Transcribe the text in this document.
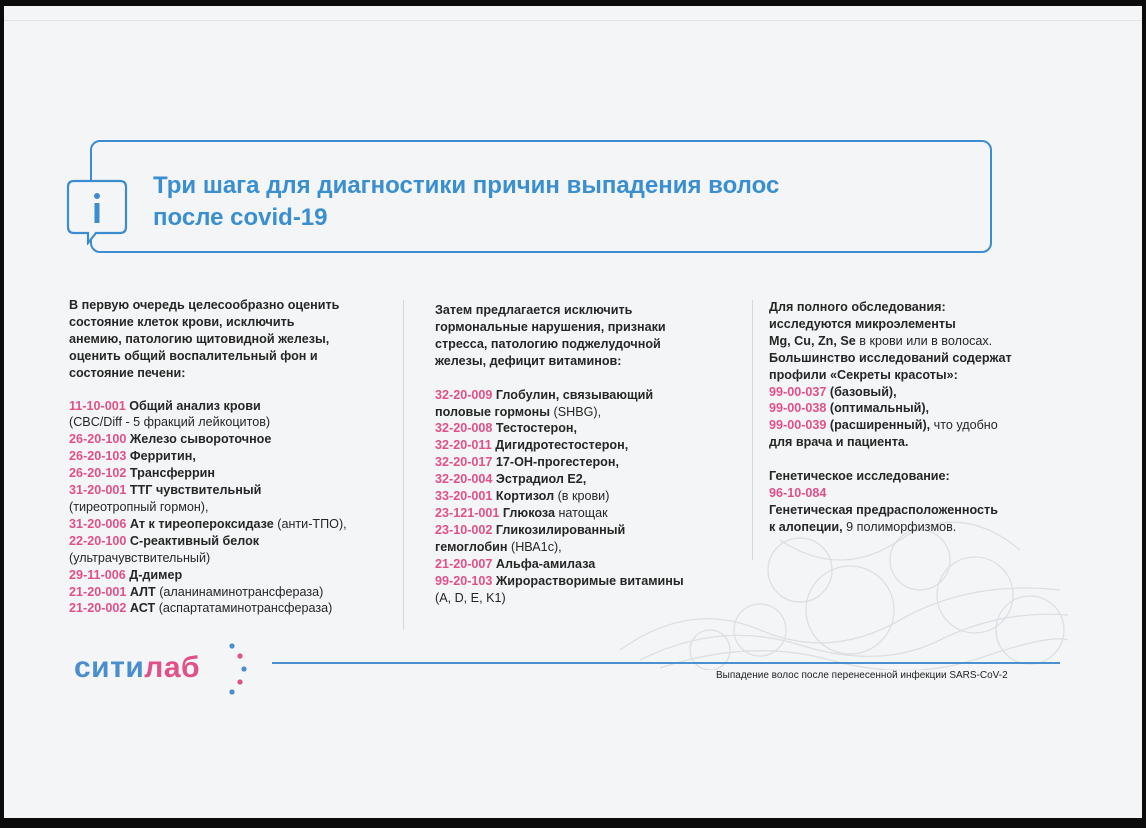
Три шага для диагностики причин выпадения волос
после covid-19

В первую очередь целесообразно оценить

состояние клеток крови, исключить

анемию, патологию щитовидной железы,

оценить общий воспалительный фон и

состояние печени:

11-10-001 Общий анализ крови

(CBC/Diff - 5 фракций лейкоцитов)

26-20-100 Железо сывороточное

26-20-103 Ферритин,

26-20-102 Трансферрин

31-20-001 ТТГ чувствительный

(тиреотропный гормон),

31-20-006 Ат к тиреопероксидазе (анти-ТПО),

22-20-100 С-реактивный белок

(ультрачувствительный)

29-11-006 Д-димер

21-20-001 АЛТ (аланинаминотрансфераза)

21-20-002 АСТ (аспартатаминотрансфераза)

Затем предлагается исключить

гормональные нарушения, признаки

стресса, патологию поджелудочной

железы, дефицит витаминов:

32-20-009 Глобулин, связывающий

половые гормоны (SHBG),

32-20-008 Тестостерон,

32-20-011 Дигидротестостерон,

32-20-017 17-ОН-прогестерон,

32-20-004 Эстрадиол Е2,

33-20-001 Кортизол (в крови)

23-121-001 Глюкоза натощак

23-10-002 Гликозилированный

гемоглобин (НВА1с),

21-20-007 Альфа-амилаза

99-20-103 Жирорастворимые витамины

(A, D, E, K1)

Для полного обследования:

исследуются микроэлементы

Mg, Cu, Zn, Se в крови или в волосах.

Большинство исследований содержат

профили «Секреты красоты»:

99-00-037 (базовый),

99-00-038 (оптимальный),

99-00-039 (расширенный), что удобно

для врача и пациента.

Генетическое исследование:

96-10-084

Генетическая предрасположенность

к алопеции, 9 полиморфизмов.

ситилаб	Выпадение волос после перенесенной инфекции SARS-CoV-2
